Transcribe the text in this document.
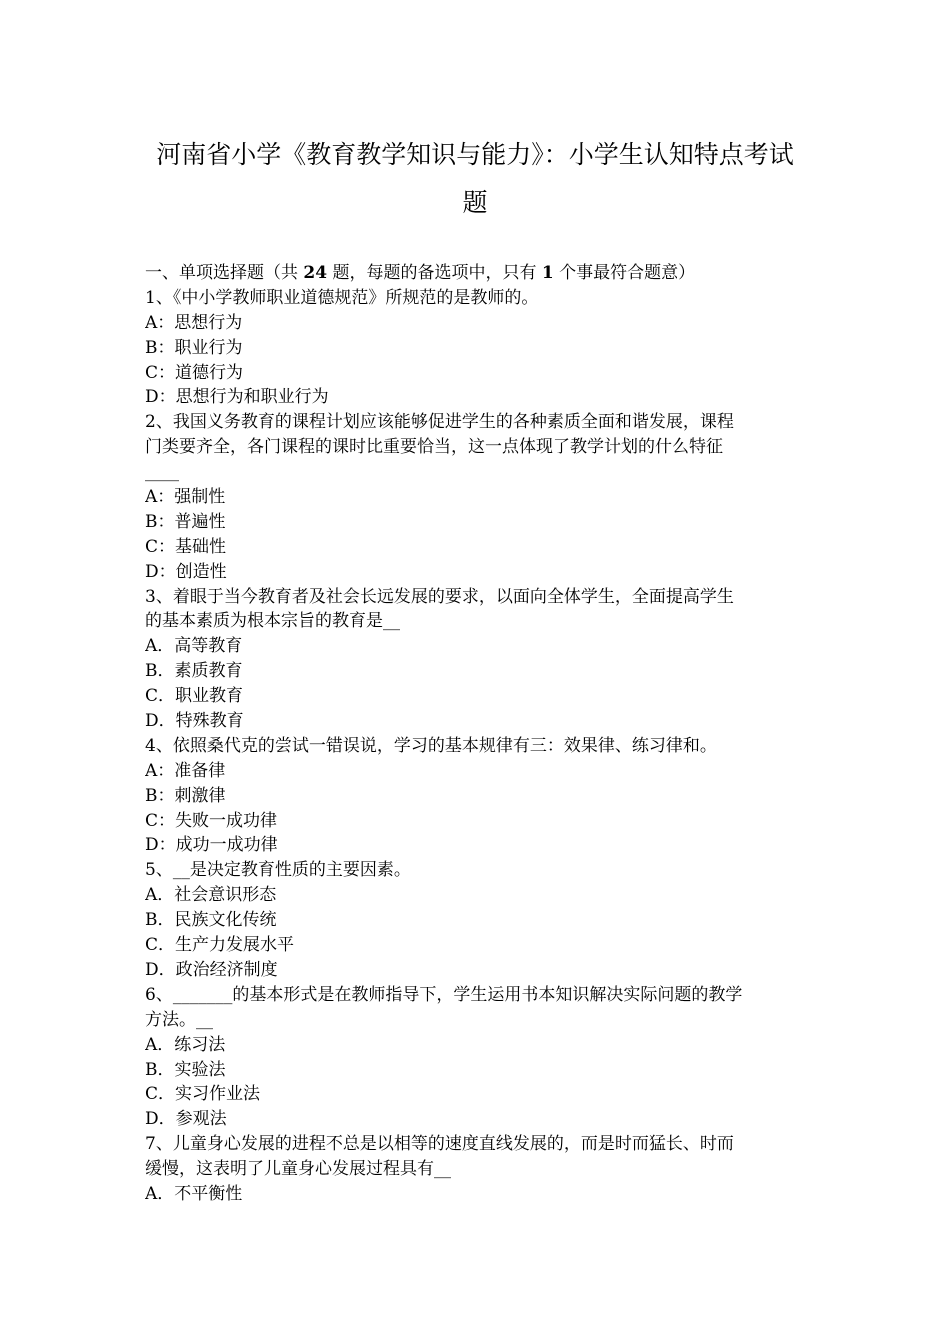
河南省小学《教育教学知识与能力》：小学生认知特点考试
题
一、单项选择题（共 24 题，每题的备选项中，只有 1 个事最符合题意）
1、《中小学教师职业道德规范》所规范的是教师的。
A：思想行为
B：职业行为
C：道德行为
D：思想行为和职业行为
2、我国义务教育的课程计划应该能够促进学生的各种素质全面和谐发展，课程
门类要齐全，各门课程的课时比重要恰当，这一点体现了教学计划的什么特征
____
A：强制性
B：普遍性
C：基础性
D：创造性
3、着眼于当今教育者及社会长远发展的要求，以面向全体学生，全面提高学生
的基本素质为根本宗旨的教育是__
A．高等教育
B．素质教育
C．职业教育
D．特殊教育
4、依照桑代克的尝试一错误说，学习的基本规律有三：效果律、练习律和。
A：准备律
B：刺激律
C：失败一成功律
D：成功一成功律
5、__是决定教育性质的主要因素。
A．社会意识形态
B．民族文化传统
C．生产力发展水平
D．政治经济制度
6、_______的基本形式是在教师指导下，学生运用书本知识解决实际问题的教学
方法。__
A．练习法
B．实验法
C．实习作业法
D．参观法
7、儿童身心发展的进程不总是以相等的速度直线发展的，而是时而猛长、时而
缓慢，这表明了儿童身心发展过程具有__
A．不平衡性
